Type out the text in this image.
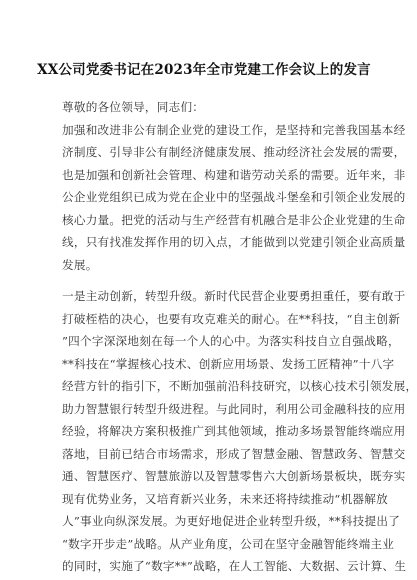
XX公司党委书记在2023年全市党建工作会议上的发言
尊敬的各位领导，同志们：
加强和改进非公有制企业党的建设工作，是坚持和完善我国基本经
济制度、引导非公有制经济健康发展、推动经济社会发展的需要，
也是加强和创新社会管理、构建和谐劳动关系的需要。近年来，非
公企业党组织已成为党在企业中的坚强战斗堡垒和引领企业发展的
核心力量。把党的活动与生产经营有机融合是非公企业党建的生命
线，只有找准发挥作用的切入点，才能做到以党建引领企业高质量
发展。
一是主动创新，转型升级。新时代民营企业要勇担重任，要有敢于
打破桎梏的决心，也要有攻克难关的耐心。在**科技，“自主创新
”四个字深深地刻在每一个人的心中。为落实科技自立自强战略，
**科技在“掌握核心技术、创新应用场景、发扬工匠精神”十八字
经营方针的指引下，不断加强前沿科技研究，以核心技术引领发展，
助力智慧银行转型升级进程。与此同时，利用公司金融科技的应用
经验，将解决方案积极推广到其他领域，推动多场景智能终端应用
落地，目前已结合市场需求，形成了智慧金融、智慧政务、智慧交
通、智慧医疗、智慧旅游以及智慧零售六大创新场景板块，既夯实
现有优势业务，又培育新兴业务，未来还将持续推动“机器解放
人”事业向纵深发展。为更好地促进企业转型升级，**科技提出了
“数字开步走”战略。从产业角度，公司在坚守金融智能终端主业
的同时，实施了“数字**”战略，在人工智能、大数据、云计算、生
